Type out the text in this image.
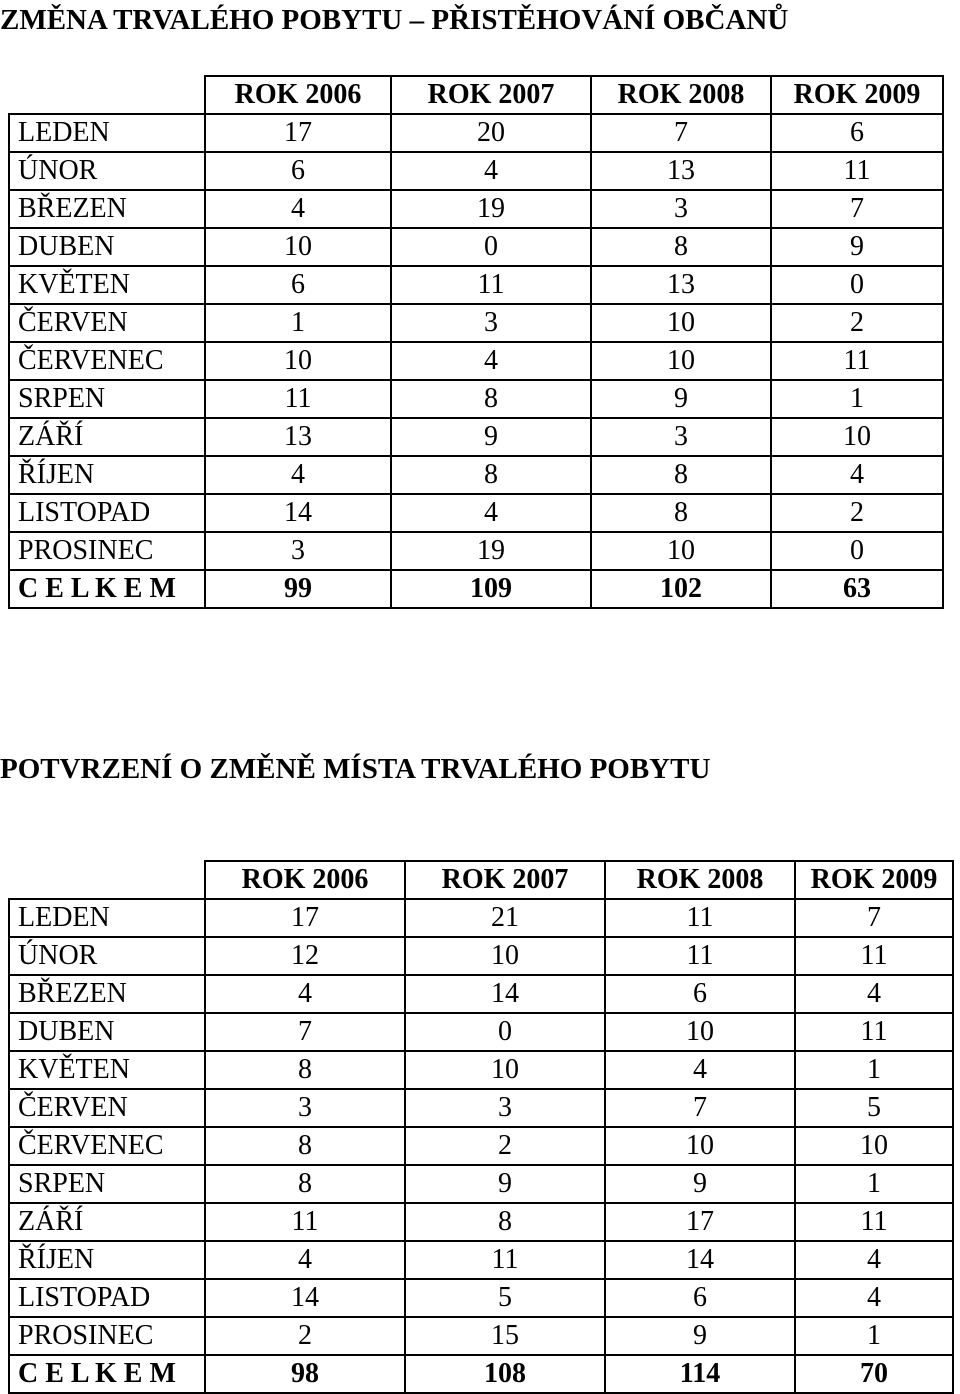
ZMĚNA TRVALÉHO POBYTU – PŘISTĚHOVÁNÍ OBČANŮ
	ROK 2006	ROK 2007	ROK 2008	ROK 2009
LEDEN	17	20	7	6
ÚNOR	6	4	13	11
BŘEZEN	4	19	3	7
DUBEN	10	0	8	9
KVĚTEN	6	11	13	0
ČERVEN	1	3	10	2
ČERVENEC	10	4	10	11
SRPEN	11	8	9	1
ZÁŘÍ	13	9	3	10
ŘÍJEN	4	8	8	4
LISTOPAD	14	4	8	2
PROSINEC	3	19	10	0
C E L K E M	99	109	102	63
POTVRZENÍ O ZMĚNĚ MÍSTA TRVALÉHO POBYTU
	ROK 2006	ROK 2007	ROK 2008	ROK 2009
LEDEN	17	21	11	7
ÚNOR	12	10	11	11
BŘEZEN	4	14	6	4
DUBEN	7	0	10	11
KVĚTEN	8	10	4	1
ČERVEN	3	3	7	5
ČERVENEC	8	2	10	10
SRPEN	8	9	9	1
ZÁŘÍ	11	8	17	11
ŘÍJEN	4	11	14	4
LISTOPAD	14	5	6	4
PROSINEC	2	15	9	1
C E L K E M	98	108	114	70
